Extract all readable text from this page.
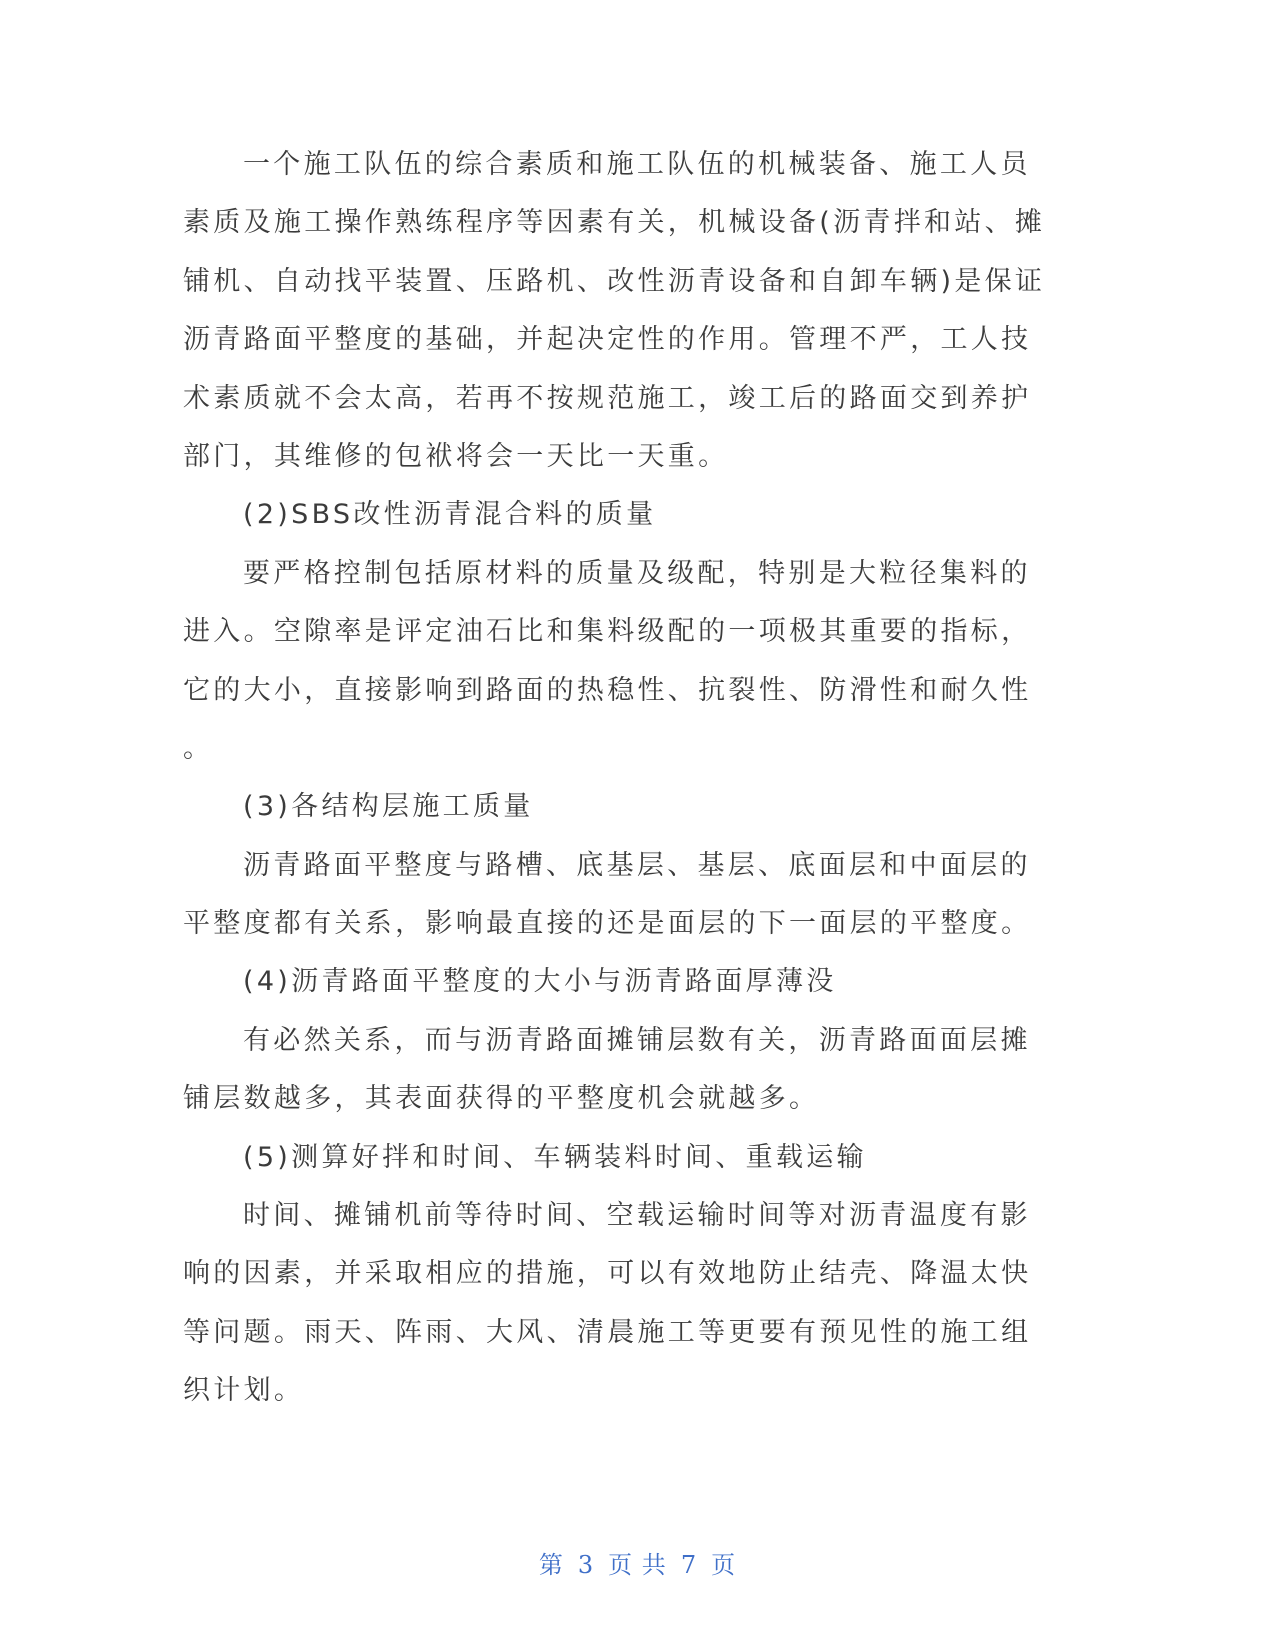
一个施工队伍的综合素质和施工队伍的机械装备、施工人员
素质及施工操作熟练程序等因素有关，机械设备(沥青拌和站、摊
铺机、自动找平装置、压路机、改性沥青设备和自卸车辆)是保证
沥青路面平整度的基础，并起决定性的作用。管理不严，工人技
术素质就不会太高，若再不按规范施工，竣工后的路面交到养护
部门，其维修的包袱将会一天比一天重。
(2)SBS改性沥青混合料的质量
要严格控制包括原材料的质量及级配，特别是大粒径集料的
进入。空隙率是评定油石比和集料级配的一项极其重要的指标，
它的大小，直接影响到路面的热稳性、抗裂性、防滑性和耐久性
。
(3)各结构层施工质量
沥青路面平整度与路槽、底基层、基层、底面层和中面层的
平整度都有关系，影响最直接的还是面层的下一面层的平整度。
(4)沥青路面平整度的大小与沥青路面厚薄没
有必然关系，而与沥青路面摊铺层数有关，沥青路面面层摊
铺层数越多，其表面获得的平整度机会就越多。
(5)测算好拌和时间、车辆装料时间、重载运输
时间、摊铺机前等待时间、空载运输时间等对沥青温度有影
响的因素，并采取相应的措施，可以有效地防止结壳、降温太快
等问题。雨天、阵雨、大风、清晨施工等更要有预见性的施工组
织计划。
第 3 页 共 7 页
